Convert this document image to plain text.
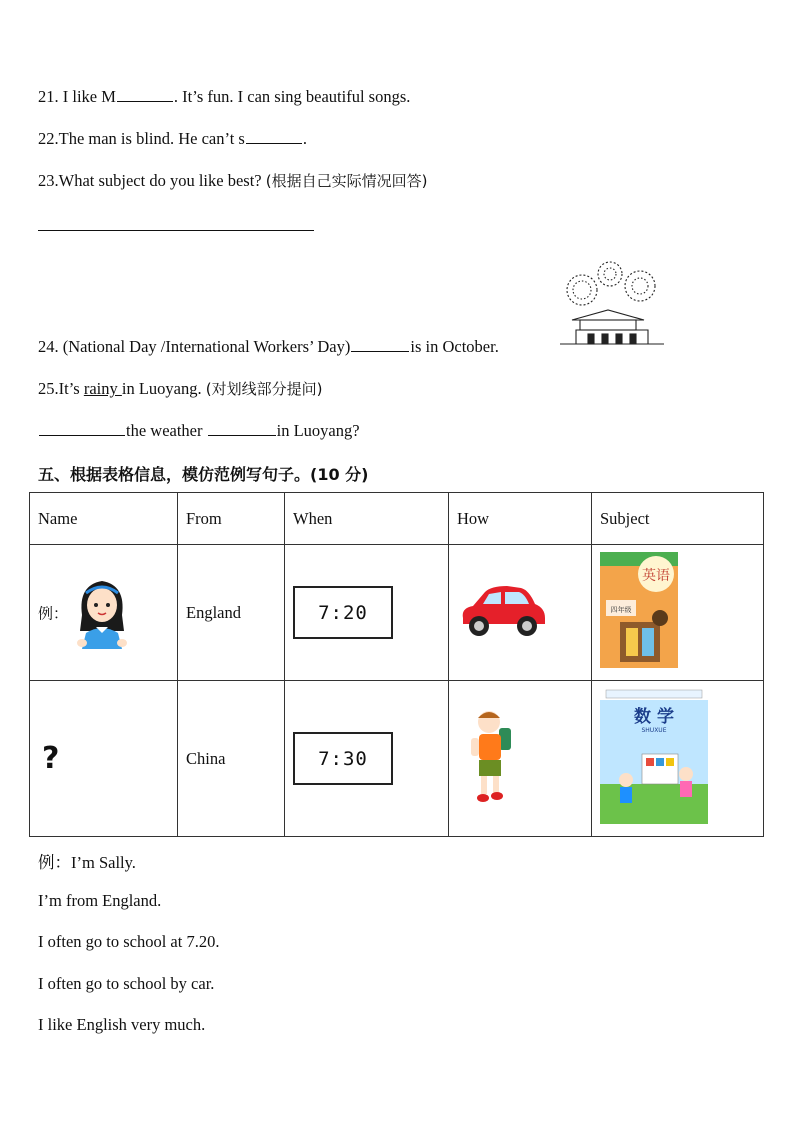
21. I like M	. It’s fun. I can sing beautiful songs.
22.The man is blind. He can’t s	.
23.What subject do you like best? (根据自己实际情况回答)
24. (National Day /International Workers’ Day)	is in October.
25.It’s rainy in Luoyang. (对划线部分提问)
the weather	in Luoyang?
五、根据表格信息，模仿范例写句子。(10 分)
Name	From	When	How	Subject
例：	England	7:20		英语
四年级

?	China	7:30		数 学
SHUXUE
例：I’m Sally.
I’m from England.
I often go to school at 7.20.
I often go to school by car.
I like English very much.
